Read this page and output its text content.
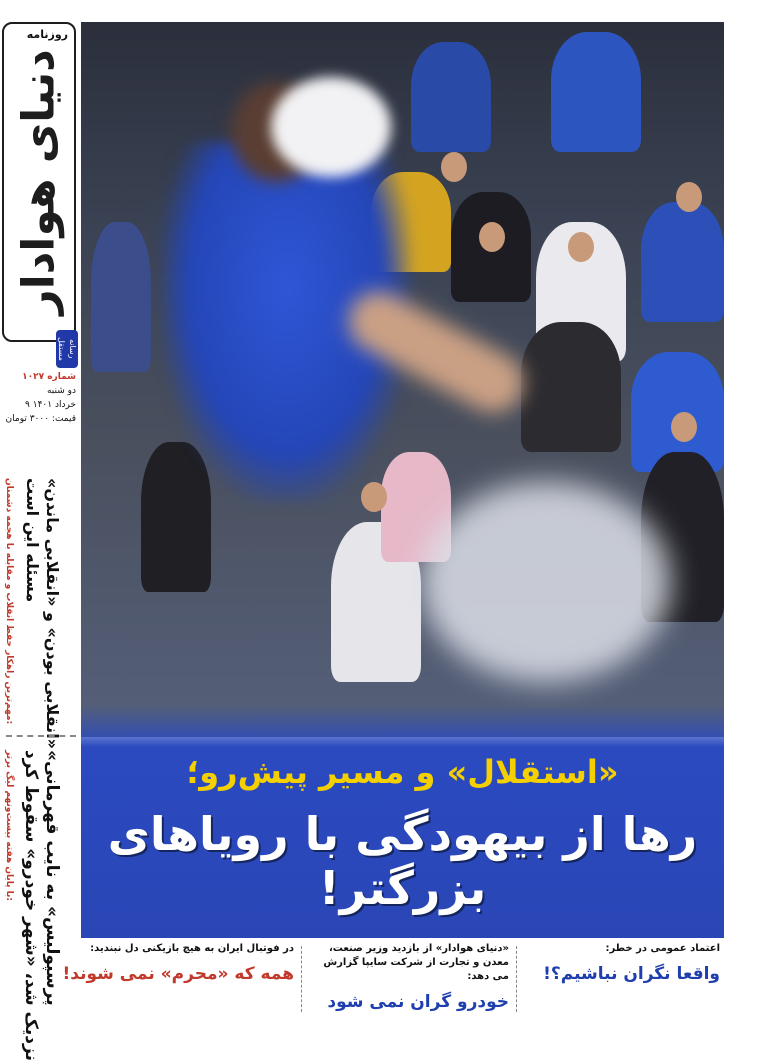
روزنامه
دنیای هوادار
رسانه مستقل
شماره ۱۰۲۷
دو شنبه
۹ خرداد ۱۴۰۱
قیمت: ۳۰۰۰ تومان
مهم‌ترین راهکار حفظ انقلاب و مقابله با هجمه دشمنان:
«انقلابی بودن» و «انقلابی ماندن»
مسئله این است
با پایان هفته بیست‌ونهم لیگ برتر:
«پرسپولیس» به نایب قهرمانی
نزدیک شد، «شهر خودرو» سقوط کرد	«استقلال» و مسیر پیش‌رو؛
رها از بیهودگی با رویاهای بزرگتر!
اعتماد عمومی در خطر:
واقعا نگران نباشیم؟!
«دنیای هوادار» از بازدید وزیر صنعت، معدن و تجارت از شرکت سایپا گزارش می دهد:
خودرو گران نمی شود
در فوتبال ایران به هیچ بازیکنی دل نبندید:
همه که «محرم» نمی شوند!
